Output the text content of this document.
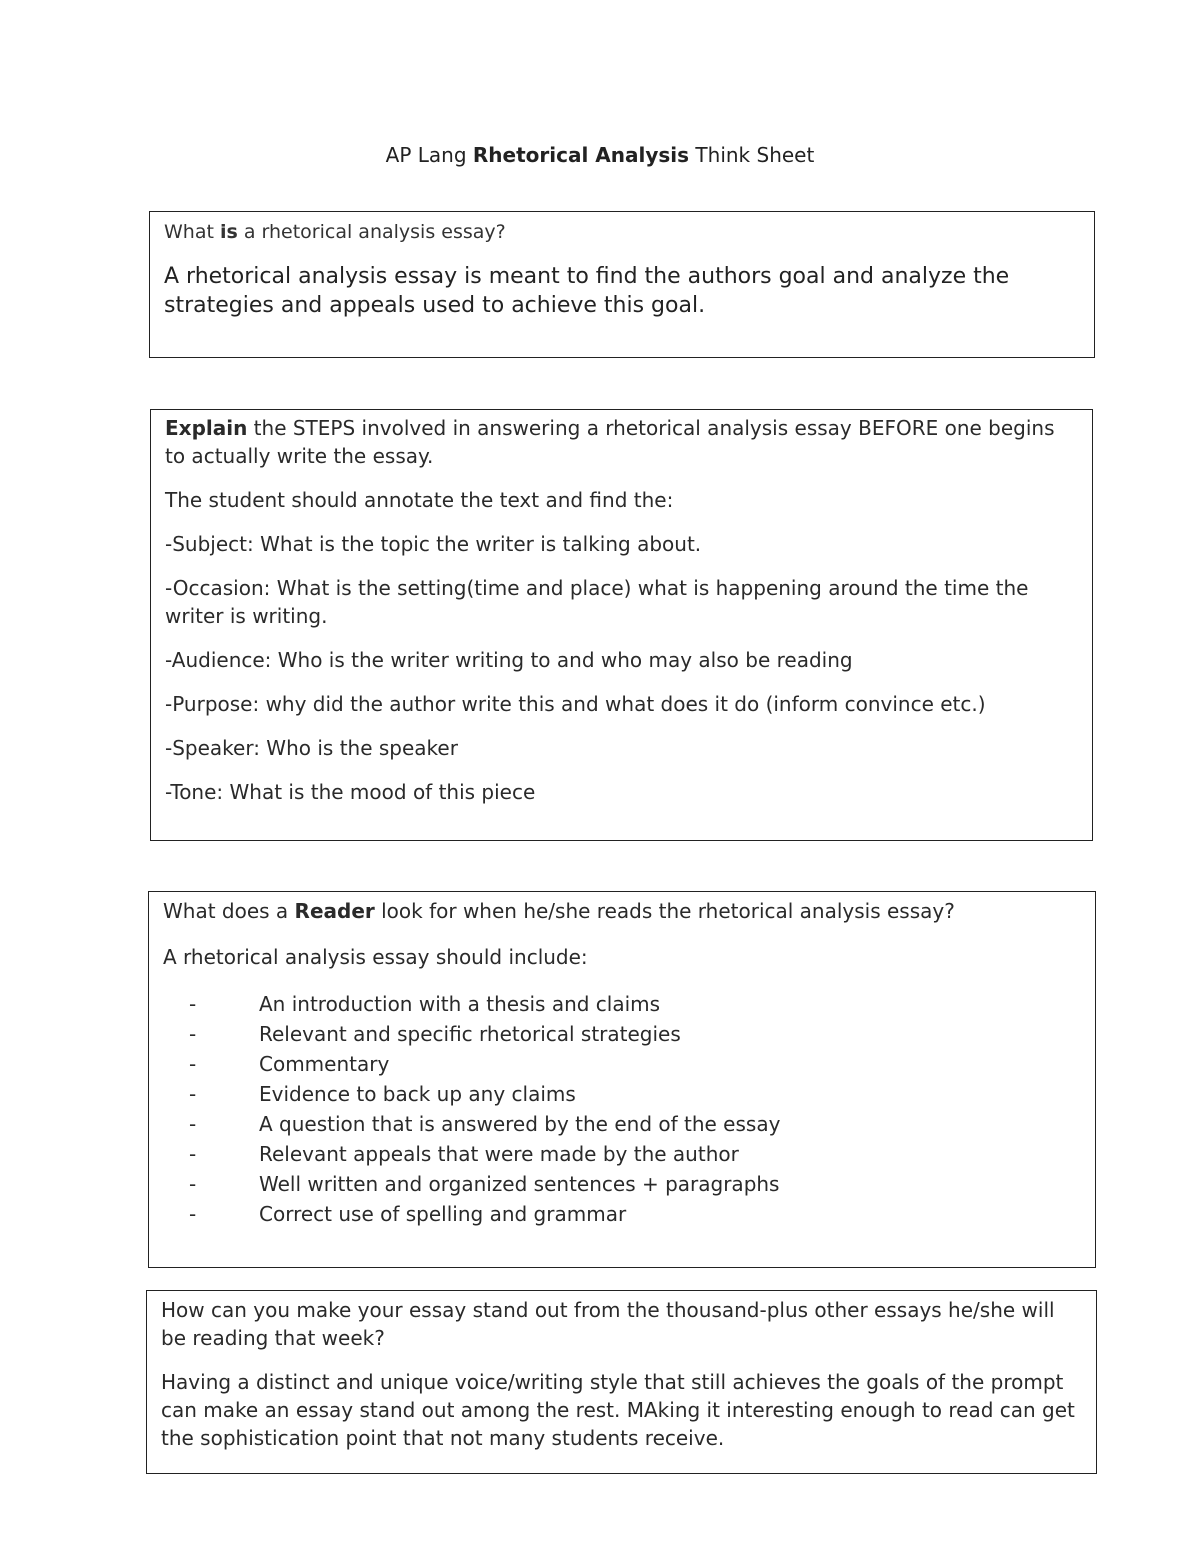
AP Lang Rhetorical Analysis Think Sheet

What is a rhetorical analysis essay?

A rhetorical analysis essay is meant to find the authors goal and analyze the strategies and appeals used to achieve this goal.

Explain the STEPS involved in answering a rhetorical analysis essay BEFORE one begins to actually write the essay.

The student should annotate the text and find the:

-Subject: What is the topic the writer is talking about.

-Occasion: What is the setting(time and place) what is happening around the time the writer is writing.

-Audience: Who is the writer writing to and who may also be reading

-Purpose: why did the author write this and what does it do (inform convince etc.)

-Speaker: Who is the speaker

-Tone: What is the mood of this piece

What does a Reader look for when he/she reads the rhetorical analysis essay?

A rhetorical analysis essay should include:

-	An introduction with a thesis and claims
-	Relevant and specific rhetorical strategies
-	Commentary
-	Evidence to back up any claims
-	A question that is answered by the end of the essay
-	Relevant appeals that were made by the author
-	Well written and organized sentences + paragraphs
-	Correct use of spelling and grammar

How can you make your essay stand out from the thousand-plus other essays he/she will be reading that week?

Having a distinct and unique voice/writing style that still achieves the goals of the prompt can make an essay stand out among the rest. MAking it interesting enough to read can get the sophistication point that not many students receive.
